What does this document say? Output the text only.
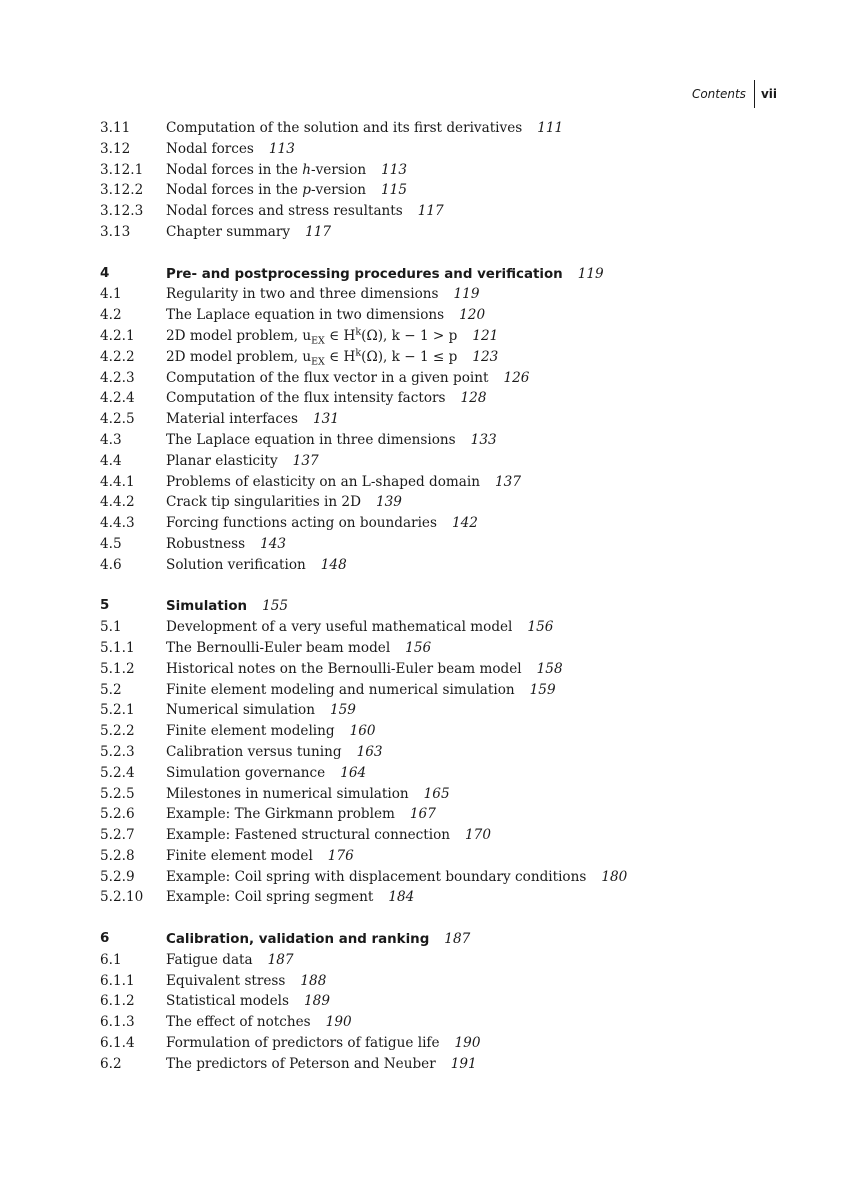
Contents	vii
3.11	Computation of the solution and its first derivatives 111
3.12	Nodal forces 113
3.12.1 Nodal forces in the h-version 113
3.12.2 Nodal forces in the p-version 115
3.12.3 Nodal forces and stress resultants 117
3.13	Chapter summary 117
4	Pre- and postprocessing procedures and verification 119
4.1	Regularity in two and three dimensions 119
4.2	The Laplace equation in two dimensions 120
4.2.1 2D model problem, $u_{EX}$ ∈ $H^k(\Omega)$, k − 1 > p 121
4.2.2 2D model problem, $u_{EX}$ ∈ $H^k(\Omega)$, k − 1 ≤ p 123
4.2.3 Computation of the flux vector in a given point 126
4.2.4 Computation of the flux intensity factors 128
4.2.5 Material interfaces 131
4.3	The Laplace equation in three dimensions 133
4.4	Planar elasticity 137
4.4.1 Problems of elasticity on an L-shaped domain 137
4.4.2 Crack tip singularities in 2D 139
4.4.3 Forcing functions acting on boundaries 142
4.5	Robustness 143
4.6	Solution verification 148
5	Simulation 155
5.1	Development of a very useful mathematical model 156
5.1.1 The Bernoulli-Euler beam model 156
5.1.2 Historical notes on the Bernoulli-Euler beam model 158
5.2	Finite element modeling and numerical simulation 159
5.2.1 Numerical simulation 159
5.2.2 Finite element modeling 160
5.2.3 Calibration versus tuning 163
5.2.4 Simulation governance 164
5.2.5 Milestones in numerical simulation 165
5.2.6 Example: The Girkmann problem 167
5.2.7 Example: Fastened structural connection 170
5.2.8 Finite element model 176
5.2.9 Example: Coil spring with displacement boundary conditions 180
5.2.10 Example: Coil spring segment 184
6	Calibration, validation and ranking 187
6.1	Fatigue data 187
6.1.1 Equivalent stress 188
6.1.2 Statistical models 189
6.1.3 The effect of notches 190
6.1.4 Formulation of predictors of fatigue life 190
6.2	The predictors of Peterson and Neuber 191
